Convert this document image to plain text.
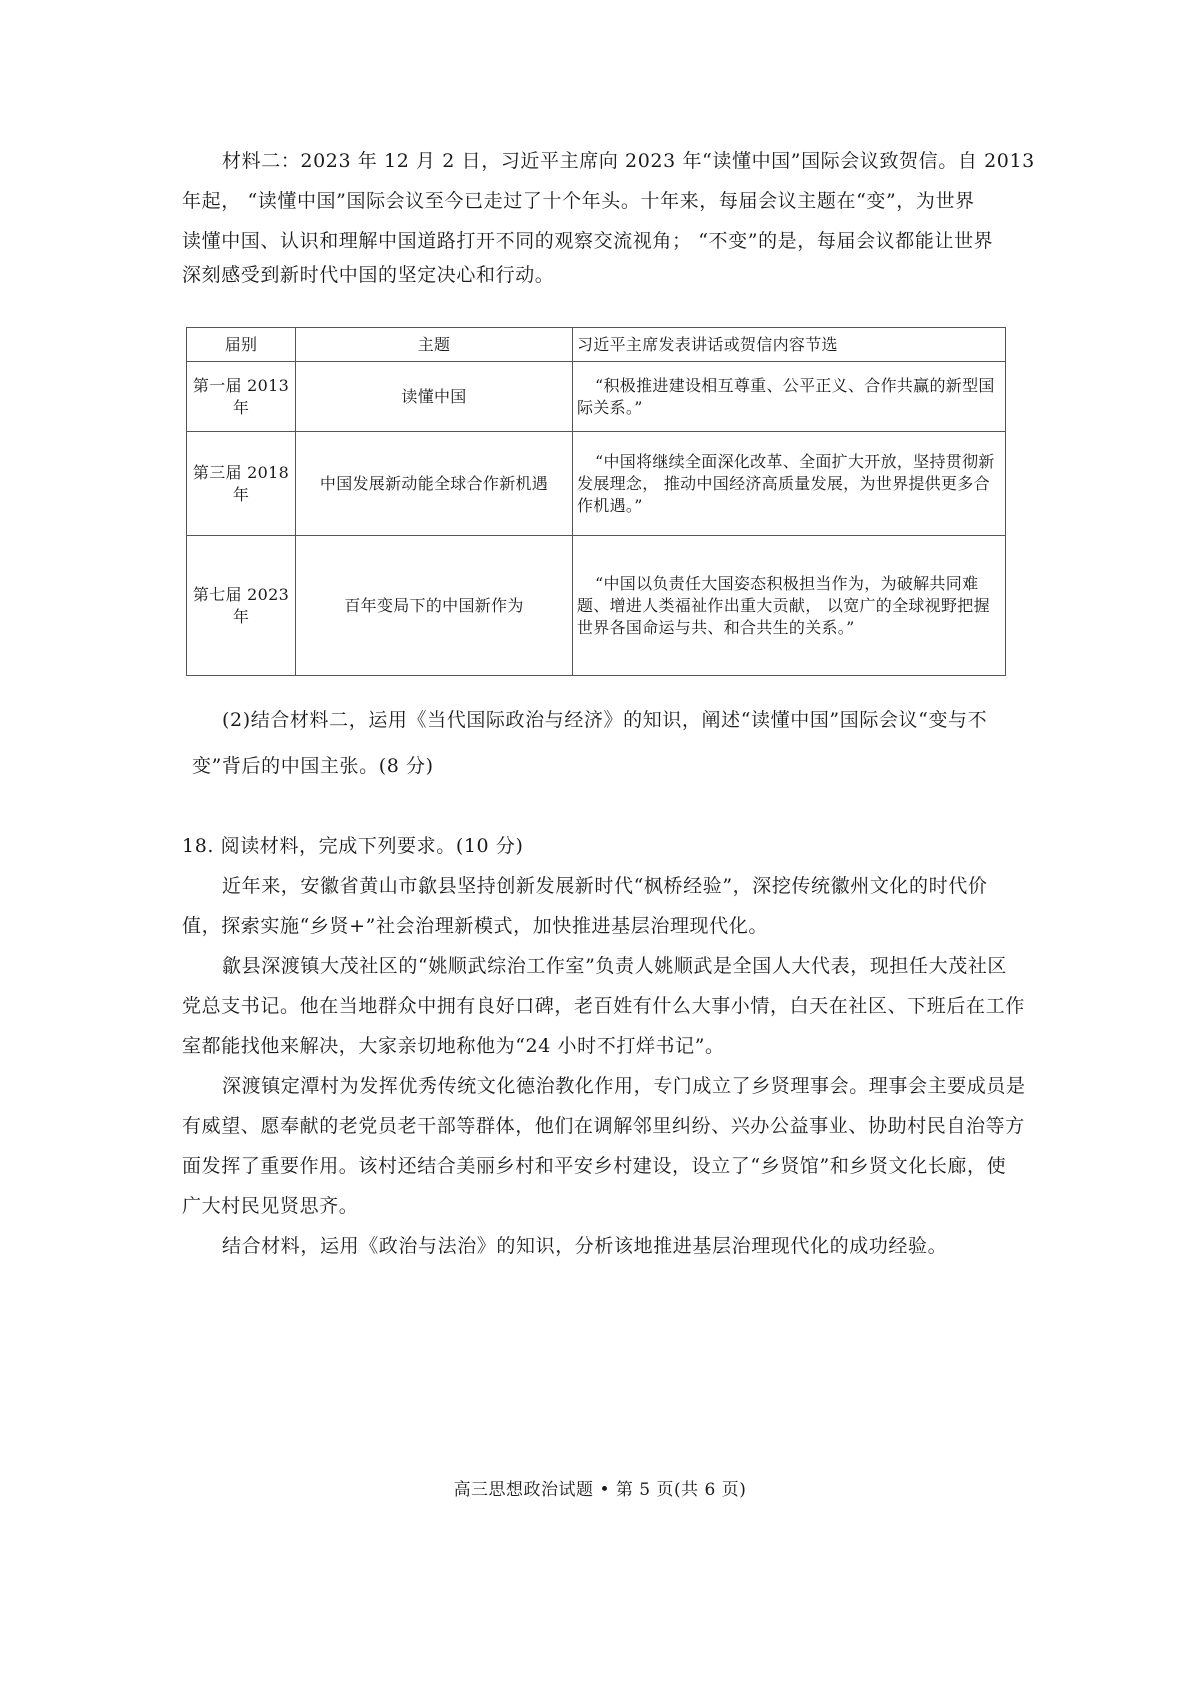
材料二：2023 年 12 月 2 日，习近平主席向 2023 年“读懂中国”国际会议致贺信。自 2013
年起， “读懂中国”国际会议至今已走过了十个年头。十年来，每届会议主题在“变”，为世界
读懂中国、认识和理解中国道路打开不同的观察交流视角； “不变”的是，每届会议都能让世界
深刻感受到新时代中国的坚定决心和行动。
届别	主题	习近平主席发表讲话或贺信内容节选

第一届 2013
年	读懂中国	“积极推进建设相互尊重、公平正义、合作共赢的新型国际关系。”

第三届 2018
年	中国发展新动能全球合作新机遇	“中国将继续全面深化改革、全面扩大开放，坚持贯彻新发展理念， 推动中国经济高质量发展，为世界提供更多合作机遇。”

第七届 2023
年	百年变局下的中国新作为	“中国以负责任大国姿态积极担当作为，为破解共同难题、增进人类福祉作出重大贡献， 以宽广的全球视野把握世界各国命运与共、和合共生的关系。”
(2)结合材料二，运用《当代国际政治与经济》的知识，阐述“读懂中国”国际会议“变与不
变”背后的中国主张。(8 分)
18. 阅读材料，完成下列要求。(10 分)
近年来，安徽省黄山市歙县坚持创新发展新时代“枫桥经验”，深挖传统徽州文化的时代价
值，探索实施“乡贤+”社会治理新模式，加快推进基层治理现代化。
歙县深渡镇大茂社区的“姚顺武综治工作室”负责人姚顺武是全国人大代表，现担任大茂社区
党总支书记。他在当地群众中拥有良好口碑，老百姓有什么大事小情，白天在社区、下班后在工作
室都能找他来解决，大家亲切地称他为“24 小时不打烊书记”。
深渡镇定潭村为发挥优秀传统文化德治教化作用，专门成立了乡贤理事会。理事会主要成员是
有威望、愿奉献的老党员老干部等群体，他们在调解邻里纠纷、兴办公益事业、协助村民自治等方
面发挥了重要作用。该村还结合美丽乡村和平安乡村建设，设立了“乡贤馆”和乡贤文化长廊，使
广大村民见贤思齐。
结合材料，运用《政治与法治》的知识，分析该地推进基层治理现代化的成功经验。
高三思想政治试题 • 第 5 页(共 6 页)
